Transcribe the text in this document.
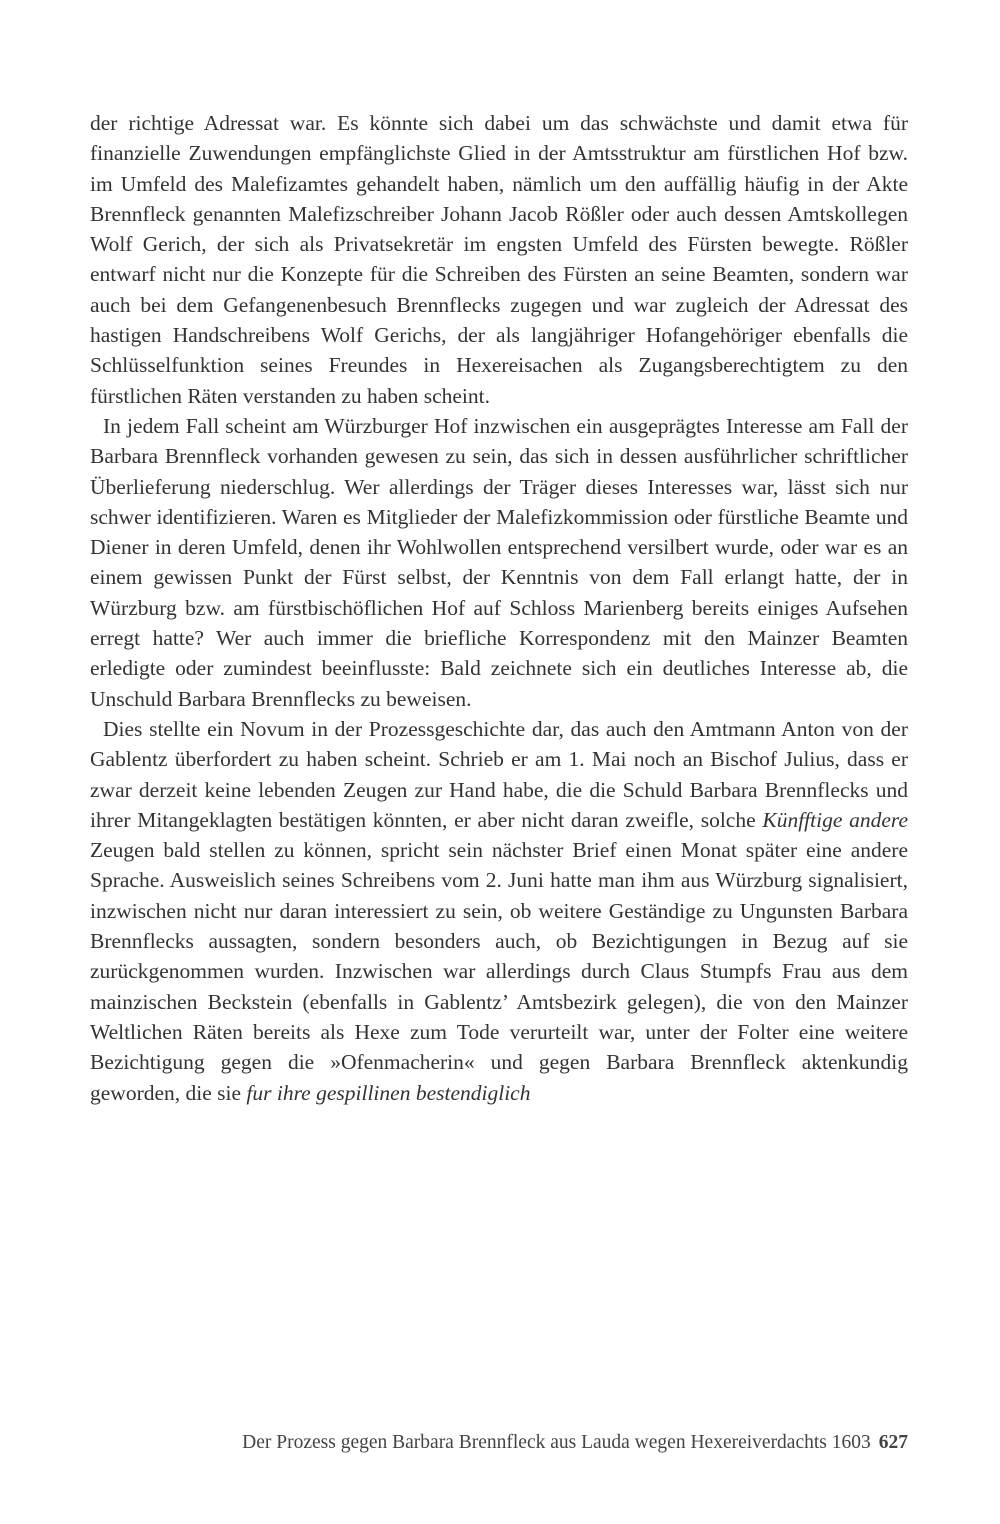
der richtige Adressat war. Es könnte sich dabei um das schwächste und damit etwa für finanzielle Zuwendungen empfänglichste Glied in der Amtsstruktur am fürstlichen Hof bzw. im Umfeld des Malefizamtes gehandelt haben, nämlich um den auffällig häufig in der Akte Brennfleck genannten Malefizschreiber Johann Jacob Rößler oder auch dessen Amtskollegen Wolf Gerich, der sich als Privatsekretär im engsten Umfeld des Fürsten bewegte. Rößler entwarf nicht nur die Konzepte für die Schreiben des Fürsten an seine Beamten, sondern war auch bei dem Gefangenenbesuch Brennflecks zugegen und war zugleich der Adressat des hastigen Handschreibens Wolf Gerichs, der als langjähriger Hofangehöriger ebenfalls die Schlüsselfunktion seines Freundes in Hexereisachen als Zugangsberechtigtem zu den fürstlichen Räten verstanden zu haben scheint.

In jedem Fall scheint am Würzburger Hof inzwischen ein ausgeprägtes Interesse am Fall der Barbara Brennfleck vorhanden gewesen zu sein, das sich in dessen ausführlicher schriftlicher Überlieferung niederschlug. Wer allerdings der Träger dieses Interesses war, lässt sich nur schwer identifizieren. Waren es Mitglieder der Malefizkommission oder fürstliche Beamte und Diener in deren Umfeld, denen ihr Wohlwollen entsprechend versilbert wurde, oder war es an einem gewissen Punkt der Fürst selbst, der Kenntnis von dem Fall erlangt hatte, der in Würzburg bzw. am fürstbischöflichen Hof auf Schloss Marienberg bereits einiges Aufsehen erregt hatte? Wer auch immer die briefliche Korrespondenz mit den Mainzer Beamten erledigte oder zumindest beeinflusste: Bald zeichnete sich ein deutliches Interesse ab, die Unschuld Barbara Brennflecks zu beweisen.

Dies stellte ein Novum in der Prozessgeschichte dar, das auch den Amtmann Anton von der Gablentz überfordert zu haben scheint. Schrieb er am 1. Mai noch an Bischof Julius, dass er zwar derzeit keine lebenden Zeugen zur Hand habe, die die Schuld Barbara Brennflecks und ihrer Mitangeklagten bestätigen könnten, er aber nicht daran zweifle, solche Künfftige andere Zeugen bald stellen zu können, spricht sein nächster Brief einen Monat später eine andere Sprache. Ausweislich seines Schreibens vom 2. Juni hatte man ihm aus Würzburg signalisiert, inzwischen nicht nur daran interessiert zu sein, ob weitere Geständige zu Ungunsten Barbara Brennflecks aussagten, sondern besonders auch, ob Bezichtigungen in Bezug auf sie zurückgenommen wurden. Inzwischen war allerdings durch Claus Stumpfs Frau aus dem mainzischen Beckstein (ebenfalls in Gablentz’ Amtsbezirk gelegen), die von den Mainzer Weltlichen Räten bereits als Hexe zum Tode verurteilt war, unter der Folter eine weitere Bezichtigung gegen die »Ofenmacherin« und gegen Barbara Brennfleck aktenkundig geworden, die sie fur ihre gespillinen bestendiglich

Der Prozess gegen Barbara Brennfleck aus Lauda wegen Hexereiverdachts 1603 627
